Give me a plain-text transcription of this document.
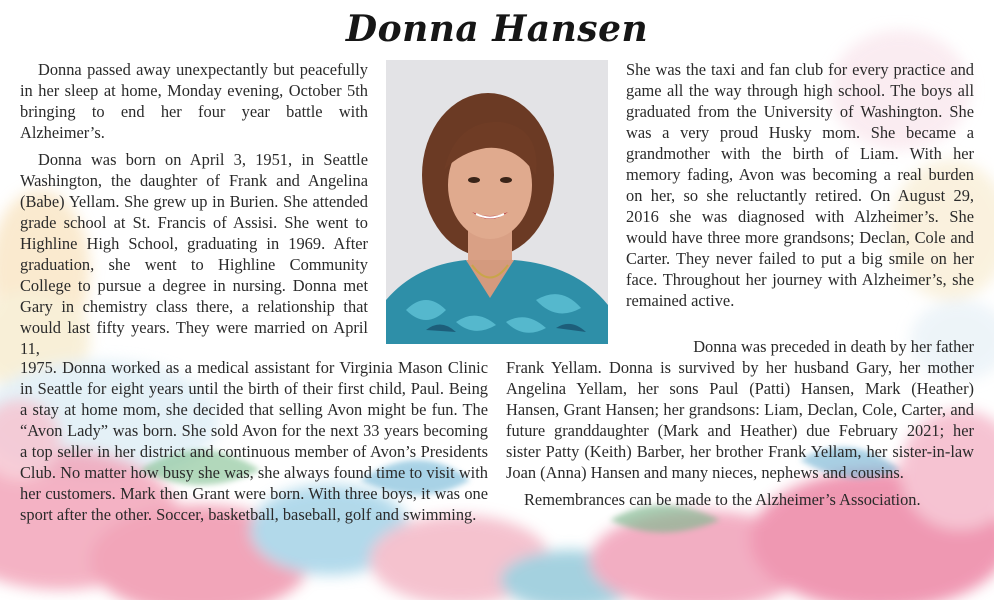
Donna Hansen

Donna passed away unexpectantly but peacefully in her sleep at home, Monday evening, October 5th bringing to end her four year battle with Alzheimer’s.

Donna was born on April 3, 1951, in Seattle Washington, the daughter of Frank and Angelina (Babe) Yellam. She grew up in Burien. She attended grade school at St. Francis of Assisi. She went to Highline High School, graduating in 1969. After graduation, she went to Highline Community College to pursue a degree in nursing. Donna met Gary in chemistry class there, a relationship that would last fifty years. They were married on April 11,

She was the taxi and fan club for every practice and game all the way through high school. The boys all graduated from the University of Washington. She was a very proud Husky mom. She became a grandmother with the birth of Liam. With her memory fading, Avon was becoming a real burden on her, so she reluctantly retired. On August 29, 2016 she was diagnosed with Alzheimer’s. She would have three more grandsons; Declan, Cole and Carter. They never failed to put a big smile on her face. Throughout her journey with Alzheimer’s, she remained active.

1975. Donna worked as a medical assistant for Virginia Mason Clinic in Seattle for eight years until the birth of their first child, Paul. Being a stay at home mom, she decided that selling Avon might be fun. The “Avon Lady” was born. She sold Avon for the next 33 years becoming a top seller in her district and continuous member of Avon’s Presidents Club. No matter how busy she was, she always found time to visit with her customers. Mark then Grant were born. With three boys, it was one sport after the other. Soccer, basketball, baseball, golf and swimming.

Donna was preceded in death by her father

Frank Yellam. Donna is survived by her husband Gary, her mother Angelina Yellam, her sons Paul (Patti) Hansen, Mark (Heather) Hansen, Grant Hansen; her grandsons: Liam, Declan, Cole, Carter, and future granddaughter (Mark and Heather) due February 2021; her sister Patty (Keith) Barber, her brother Frank Yellam, her sister-in-law Joan (Anna) Hansen and many nieces, nephews and cousins.

Remembrances can be made to the Alzheimer’s Association.
